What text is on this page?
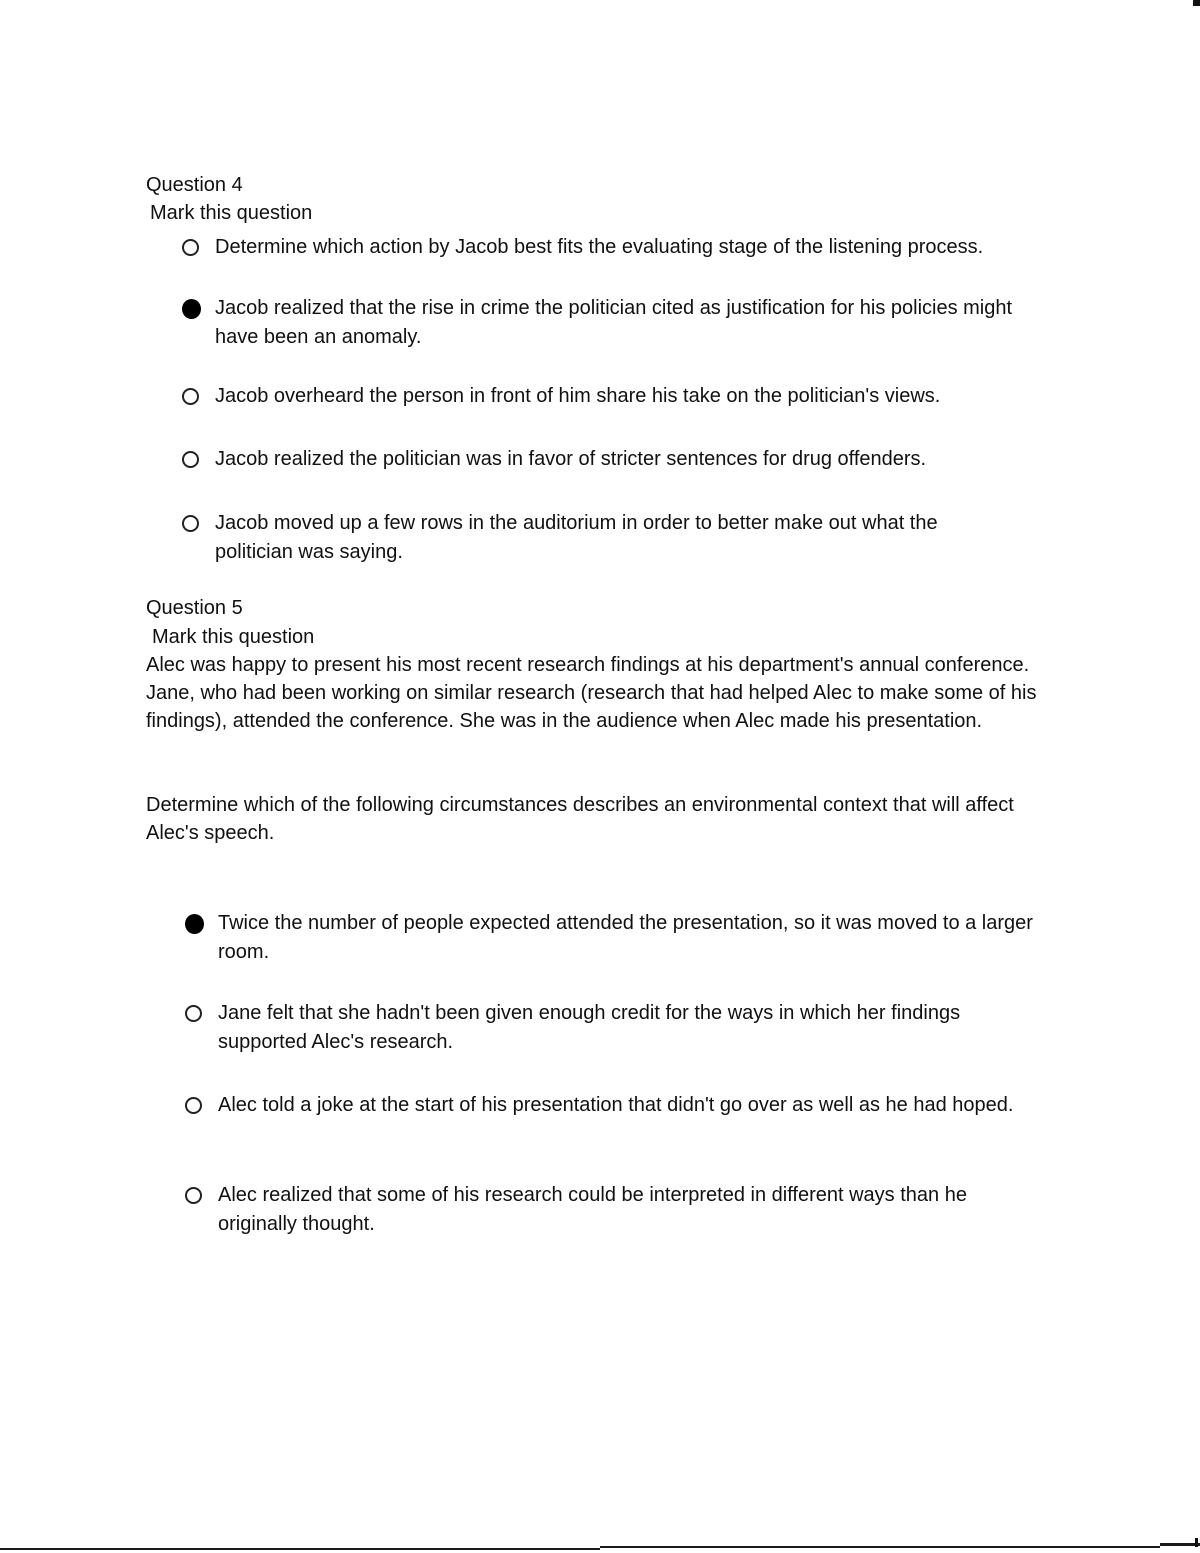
Question 4
Mark this question
Determine which action by Jacob best fits the evaluating stage of the listening process.
Jacob realized that the rise in crime the politician cited as justification for his policies might have been an anomaly.
Jacob overheard the person in front of him share his take on the politician's views.
Jacob realized the politician was in favor of stricter sentences for drug offenders.
Jacob moved up a few rows in the auditorium in order to better make out what the politician was saying.
Question 5
Mark this question
Alec was happy to present his most recent research findings at his department's annual conference. Jane, who had been working on similar research (research that had helped Alec to make some of his findings), attended the conference. She was in the audience when Alec made his presentation.
Determine which of the following circumstances describes an environmental context that will affect Alec's speech.
Twice the number of people expected attended the presentation, so it was moved to a larger room.
Jane felt that she hadn't been given enough credit for the ways in which her findings supported Alec's research.
Alec told a joke at the start of his presentation that didn't go over as well as he had hoped.
Alec realized that some of his research could be interpreted in different ways than he originally thought.
